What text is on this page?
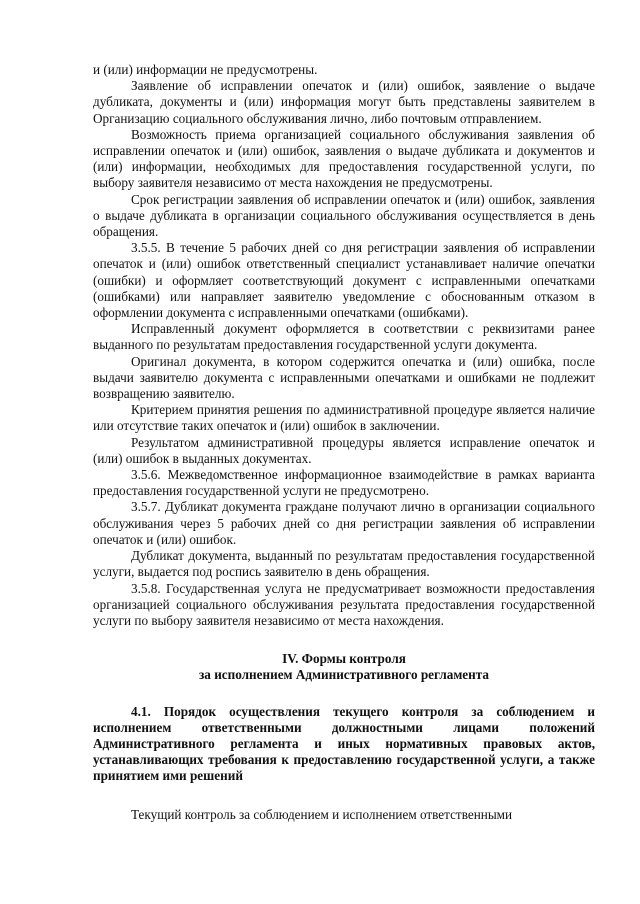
и (или) информации не предусмотрены.

Заявление об исправлении опечаток и (или) ошибок, заявление о выдаче дубликата, документы и (или) информация могут быть представлены заявителем в Организацию социального обслуживания лично, либо почтовым отправлением.

Возможность приема организацией социального обслуживания заявления об исправлении опечаток и (или) ошибок, заявления о выдаче дубликата и документов и (или) информации, необходимых для предоставления государственной услуги, по выбору заявителя независимо от места нахождения не предусмотрены.

Срок регистрации заявления об исправлении опечаток и (или) ошибок, заявления о выдаче дубликата в организации социального обслуживания осуществляется в день обращения.

3.5.5. В течение 5 рабочих дней со дня регистрации заявления об исправлении опечаток и (или) ошибок ответственный специалист устанавливает наличие опечатки (ошибки) и оформляет соответствующий документ с исправленными опечатками (ошибками) или направляет заявителю уведомление с обоснованным отказом в оформлении документа с исправленными опечатками (ошибками).

Исправленный документ оформляется в соответствии с реквизитами ранее выданного по результатам предоставления государственной услуги документа.

Оригинал документа, в котором содержится опечатка и (или) ошибка, после выдачи заявителю документа с исправленными опечатками и ошибками не подлежит возвращению заявителю.

Критерием принятия решения по административной процедуре является наличие или отсутствие таких опечаток и (или) ошибок в заключении.

Результатом административной процедуры является исправление опечаток и (или) ошибок в выданных документах.

3.5.6. Межведомственное информационное взаимодействие в рамках варианта предоставления государственной услуги не предусмотрено.

3.5.7. Дубликат документа граждане получают лично в организации социального обслуживания через 5 рабочих дней со дня регистрации заявления об исправлении опечаток и (или) ошибок.

Дубликат документа, выданный по результатам предоставления государственной услуги, выдается под роспись заявителю в день обращения.

3.5.8. Государственная услуга не предусматривает возможности предоставления организацией социального обслуживания результата предоставления государственной услуги по выбору заявителя независимо от места нахождения.

IV. Формы контроля

за исполнением Административного регламента

4.1. Порядок осуществления текущего контроля за соблюдением и исполнением ответственными должностными лицами положений Административного регламента и иных нормативных правовых актов, устанавливающих требования к предоставлению государственной услуги, а также принятием ими решений

Текущий контроль за соблюдением и исполнением ответственными
